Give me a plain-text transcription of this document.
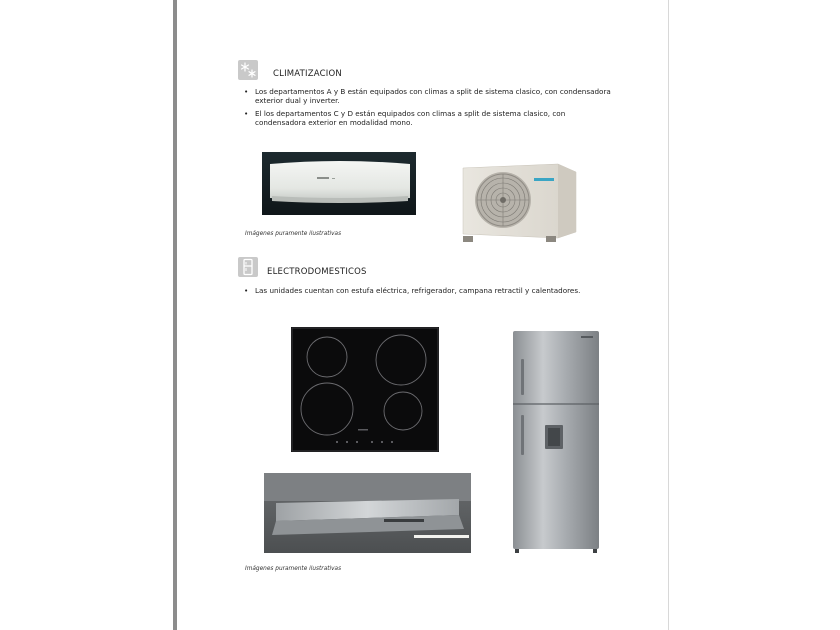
CLIMATIZACION
• Los departamentos A y B están equipados con climas a split de sistema clasico, con condensadora exterior dual y inverter.
• El los departamentos C y D están equipados con climas a split de sistema clasico, con condensadora exterior en modalidad mono.
Imágenes puramente ilustrativas
ELECTRODOMESTICOS
• Las unidades cuentan con estufa eléctrica, refrigerador, campana retractil y calentadores.
Imágenes puramente ilustrativas
